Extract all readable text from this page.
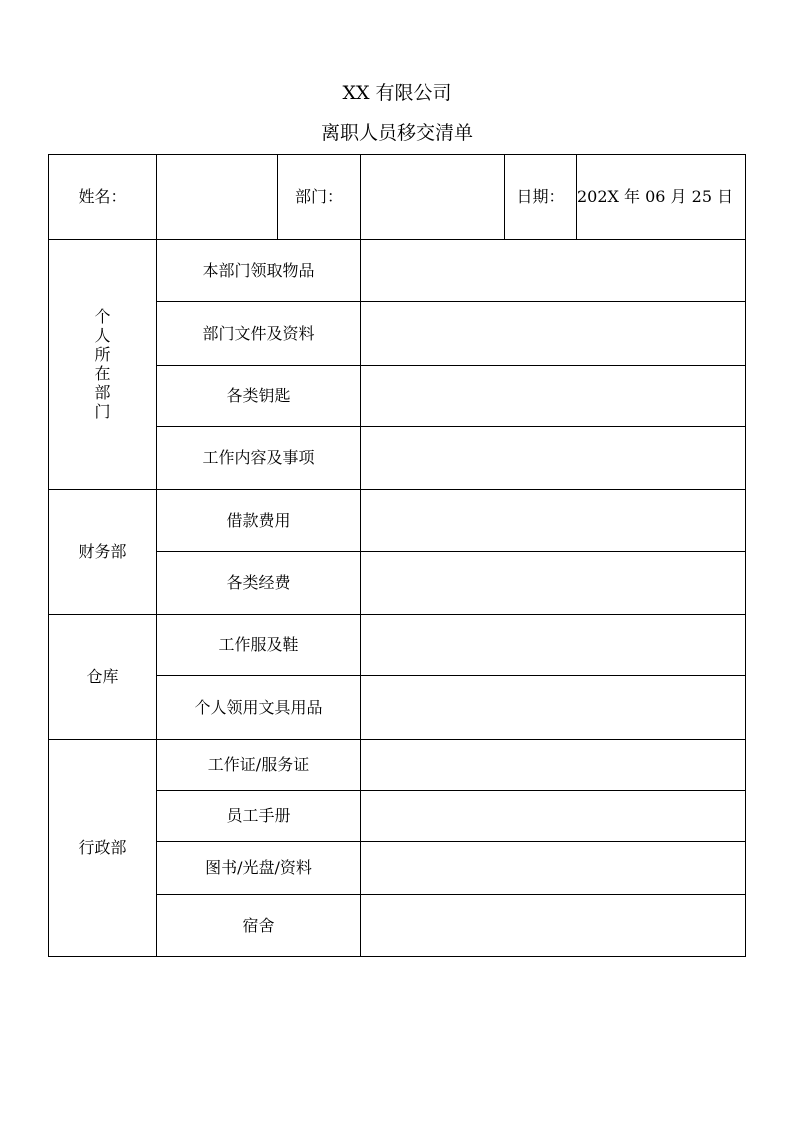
XX 有限公司
离职人员移交清单
姓名：		部门：		日期：	202X 年 06 月 25 日
个人所在部门	本部门领取物品				
	部门文件及资料				
	各类钥匙				
	工作内容及事项				
财务部	借款费用				
	各类经费				
仓库	工作服及鞋				
	个人领用文具用品				
行政部	工作证/服务证				
	员工手册				
	图书/光盘/资料				
	宿舍				
